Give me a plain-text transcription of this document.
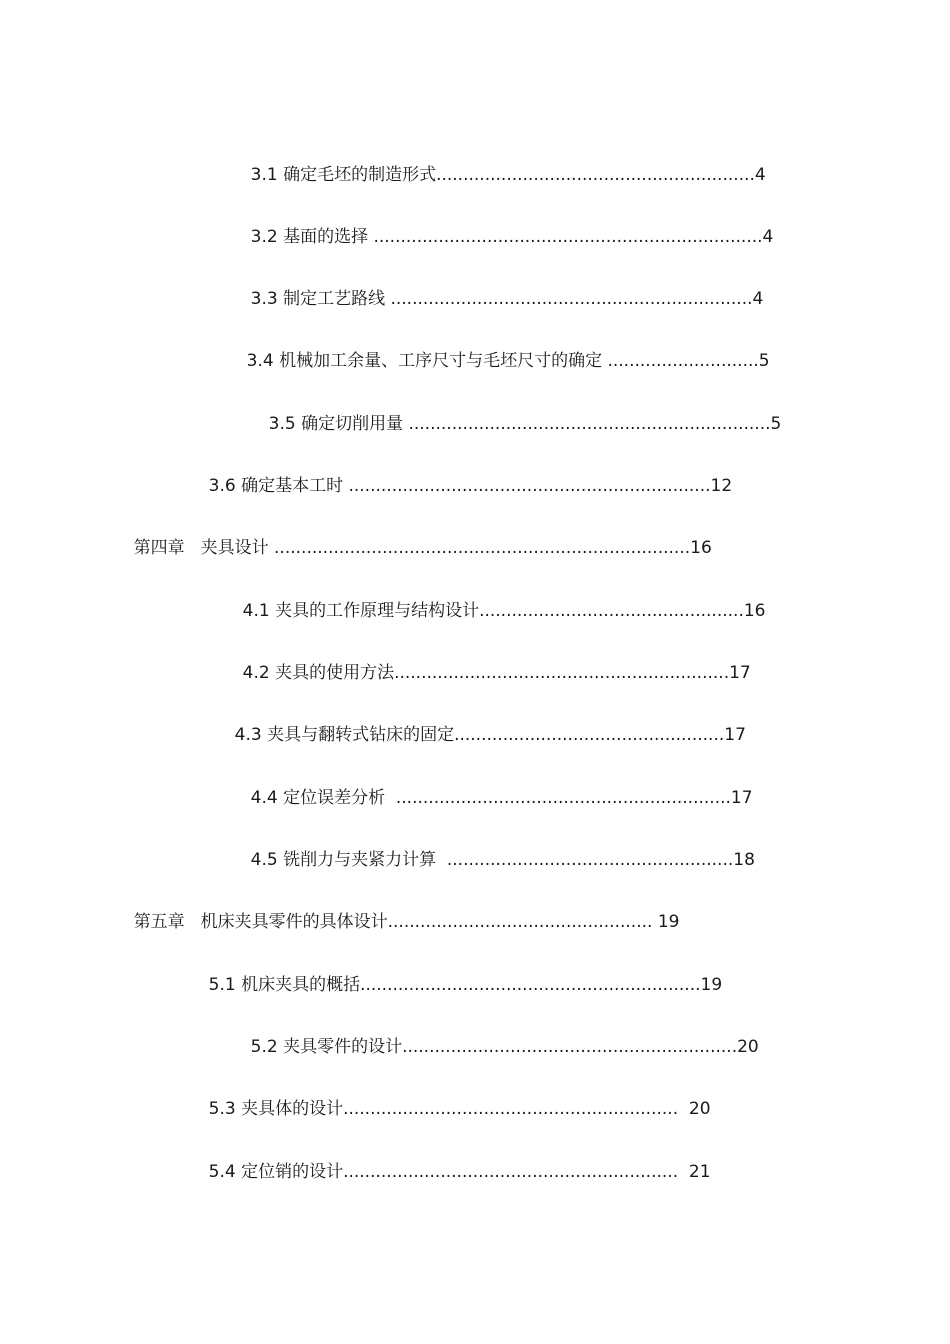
3.1 确定毛坯的制造形式...........................................................4

3.2 基面的选择 ........................................................................4

3.3 制定工艺路线 ...................................................................4

3.4 机械加工余量、工序尺寸与毛坯尺寸的确定 ............................5

3.5 确定切削用量 ...................................................................5

3.6 确定基本工时 ...................................................................12

第四章 夹具设计 .............................................................................16

4.1 夹具的工作原理与结构设计.................................................16

4.2 夹具的使用方法..............................................................17

4.3 夹具与翻转式钻床的固定..................................................17

4.4 定位误差分析  ..............................................................17

4.5 铣削力与夹紧力计算  .....................................................18

第五章 机床夹具零件的具体设计................................................. 19

5.1 机床夹具的概括...............................................................19

5.2 夹具零件的设计..............................................................20

5.3 夹具体的设计..............................................................  20

5.4 定位销的设计..............................................................  21
